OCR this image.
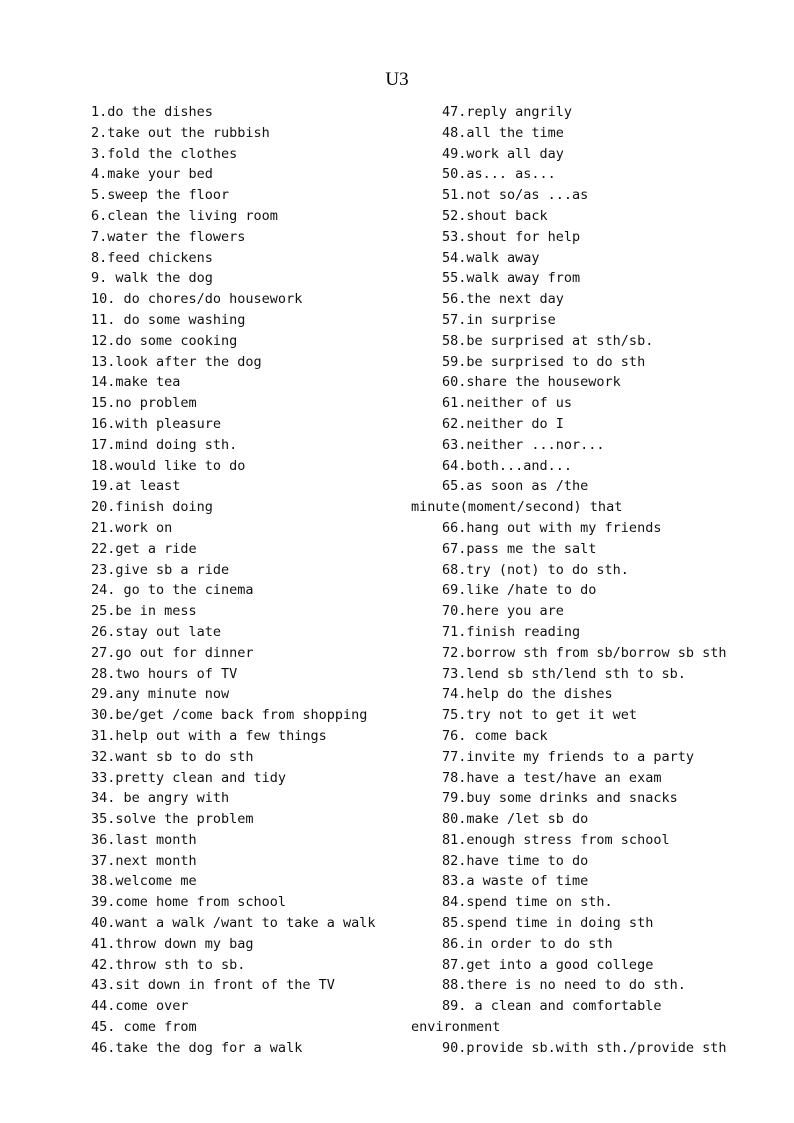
U3
1.do the dishes
2.take out the rubbish
3.fold the clothes
4.make your bed
5.sweep the floor
6.clean the living room
7.water the flowers
8.feed chickens
9. walk the dog
10. do chores/do housework
11. do some washing
12.do some cooking
13.look after the dog
14.make tea
15.no problem
16.with pleasure
17.mind doing sth.
18.would like to do
19.at least
20.finish doing
21.work on
22.get a ride
23.give sb a ride
24. go to the cinema
25.be in mess
26.stay out late
27.go out for dinner
28.two hours of TV
29.any minute now
30.be/get /come back from shopping
31.help out with a few things
32.want sb to do sth
33.pretty clean and tidy
34. be angry with
35.solve the problem
36.last month
37.next month
38.welcome me
39.come home from school
40.want a walk /want to take a walk
41.throw down my bag
42.throw sth to sb.
43.sit down in front of the TV
44.come over
45. come from
46.take the dog for a walk
47.reply angrily
48.all the time
49.work all day
50.as... as...
51.not so/as ...as
52.shout back
53.shout for help
54.walk away
55.walk away from
56.the next day
57.in surprise
58.be surprised at sth/sb.
59.be surprised to do sth
60.share the housework
61.neither of us
62.neither do I
63.neither ...nor...
64.both...and...
65.as soon as /the
minute(moment/second) that
66.hang out with my friends
67.pass me the salt
68.try (not) to do sth.
69.like /hate to do
70.here you are
71.finish reading
72.borrow sth from sb/borrow sb sth
73.lend sb sth/lend sth to sb.
74.help do the dishes
75.try not to get it wet
76. come back
77.invite my friends to a party
78.have a test/have an exam
79.buy some drinks and snacks
80.make /let sb do
81.enough stress from school
82.have time to do
83.a waste of time
84.spend time on sth.
85.spend time in doing sth
86.in order to do sth
87.get into a good college
88.there is no need to do sth.
89. a clean and comfortable
environment
90.provide sb.with sth./provide sth
